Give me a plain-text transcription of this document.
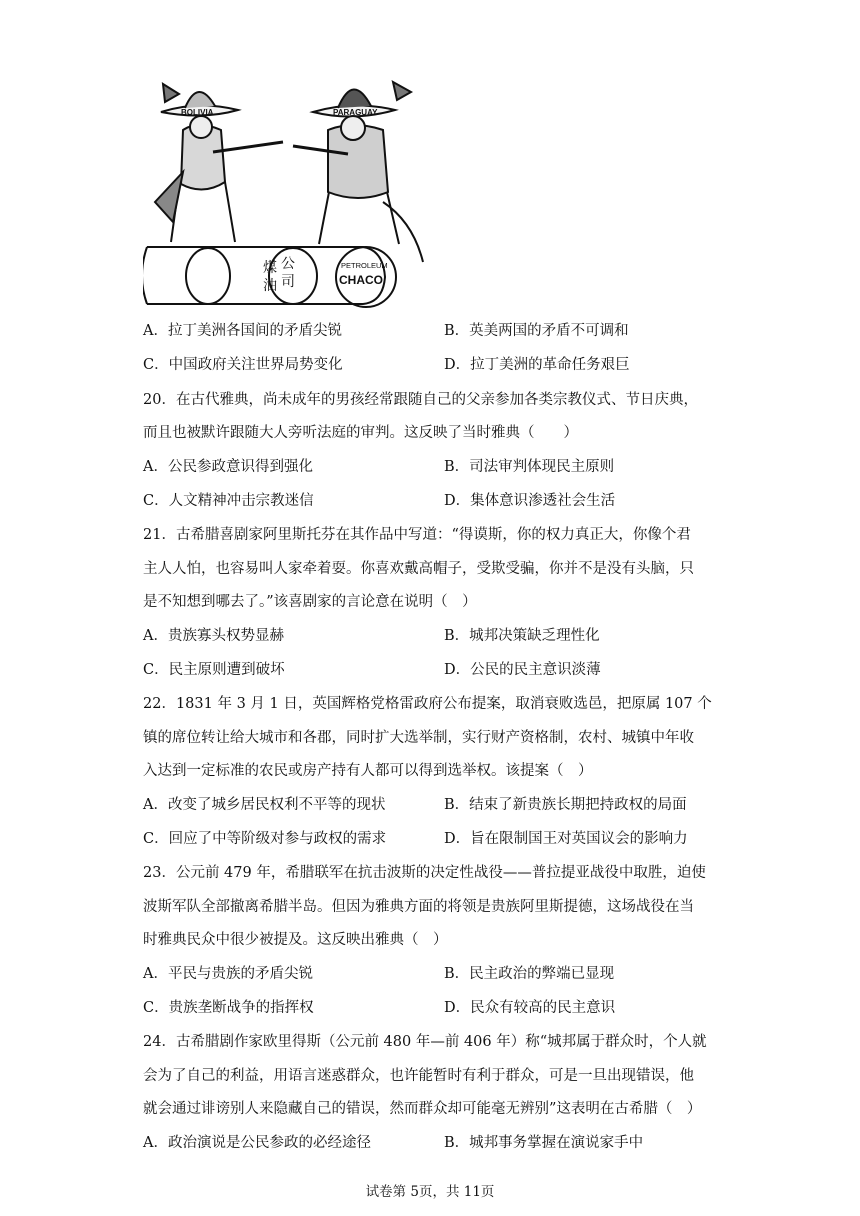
BOLIVIA	PARAGUAY
煤
油
公
司
PETROLEUM
CHACO
A．拉丁美洲各国间的矛盾尖锐	B．英美两国的矛盾不可调和
C．中国政府关注世界局势变化	D．拉丁美洲的革命任务艰巨
20．在古代雅典，尚未成年的男孩经常跟随自己的父亲参加各类宗教仪式、节日庆典，
而且也被默许跟随大人旁听法庭的审判。这反映了当时雅典（　　）
A．公民参政意识得到强化	B．司法审判体现民主原则
C．人文精神冲击宗教迷信	D．集体意识渗透社会生活
21．古希腊喜剧家阿里斯托芬在其作品中写道：“得谟斯，你的权力真正大，你像个君
主人人怕，也容易叫人家牵着耍。你喜欢戴高帽子，受欺受骗，你并不是没有头脑，只
是不知想到哪去了。”该喜剧家的言论意在说明（　）
A．贵族寡头权势显赫	B．城邦决策缺乏理性化
C．民主原则遭到破坏	D．公民的民主意识淡薄
22．1831 年 3 月 1 日，英国辉格党格雷政府公布提案，取消衰败选邑，把原属 107 个
镇的席位转让给大城市和各郡，同时扩大选举制，实行财产资格制，农村、城镇中年收
入达到一定标准的农民或房产持有人都可以得到选举权。该提案（　）
A．改变了城乡居民权利不平等的现状	B．结束了新贵族长期把持政权的局面
C．回应了中等阶级对参与政权的需求	D．旨在限制国王对英国议会的影响力
23．公元前 479 年，希腊联军在抗击波斯的决定性战役——普拉提亚战役中取胜，迫使
波斯军队全部撤离希腊半岛。但因为雅典方面的将领是贵族阿里斯提德，这场战役在当
时雅典民众中很少被提及。这反映出雅典（　）
A．平民与贵族的矛盾尖锐	B．民主政治的弊端已显现
C．贵族垄断战争的指挥权	D．民众有较高的民主意识
24．古希腊剧作家欧里得斯（公元前 480 年—前 406 年）称“城邦属于群众时，个人就
会为了自己的利益，用语言迷惑群众，也许能暂时有利于群众，可是一旦出现错误，他
就会通过诽谤别人来隐藏自己的错误，然而群众却可能毫无辨别”这表明在古希腊（　）
A．政治演说是公民参政的必经途径	B．城邦事务掌握在演说家手中
试卷第 5页，共 11页
